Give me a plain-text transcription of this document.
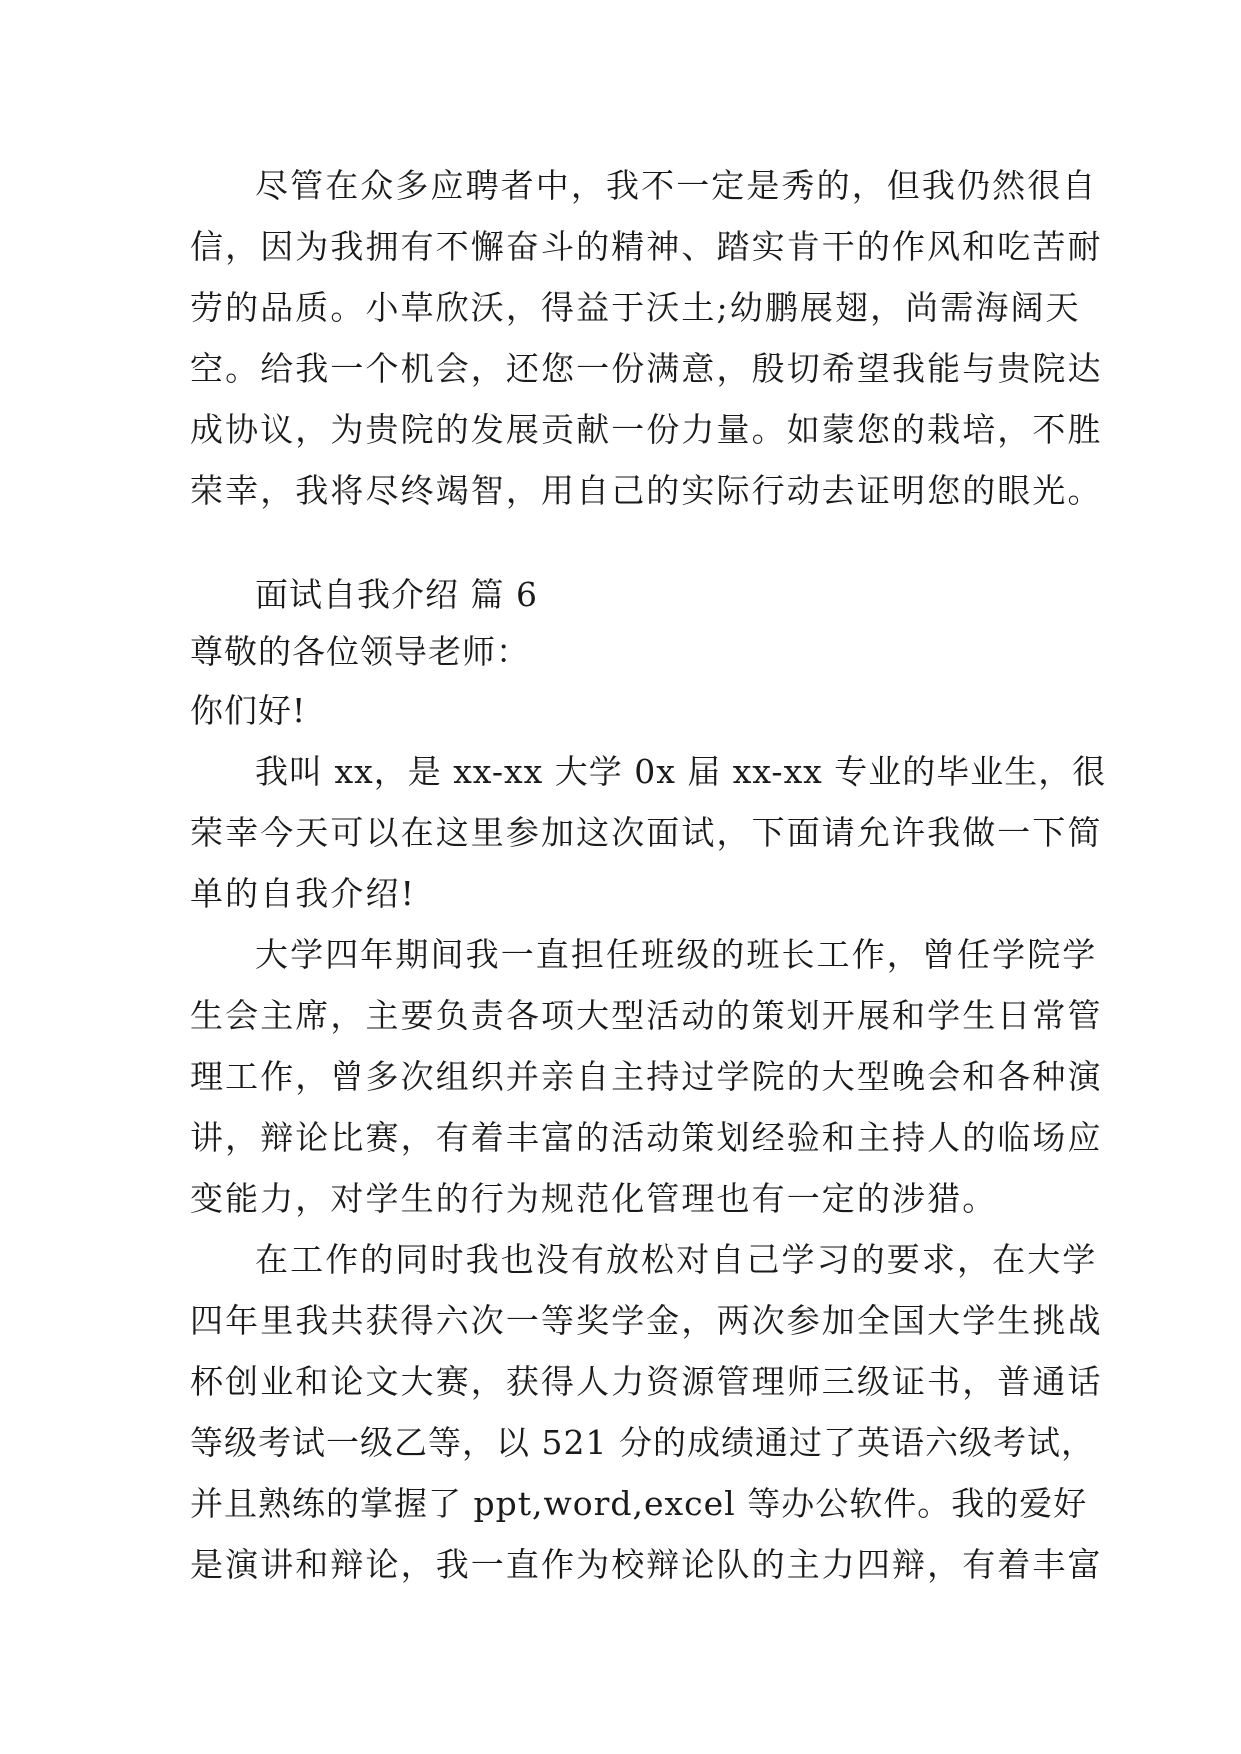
尽管在众多应聘者中，我不一定是秀的，但我仍然很自
信，因为我拥有不懈奋斗的精神、踏实肯干的作风和吃苦耐
劳的品质。小草欣沃，得益于沃土;幼鹏展翅，尚需海阔天
空。给我一个机会，还您一份满意，殷切希望我能与贵院达
成协议，为贵院的发展贡献一份力量。如蒙您的栽培，不胜
荣幸，我将尽终竭智，用自己的实际行动去证明您的眼光。
面试自我介绍 篇 6
尊敬的各位领导老师：
你们好!
我叫 xx，是 xx-xx 大学 0x 届 xx-xx 专业的毕业生，很
荣幸今天可以在这里参加这次面试，下面请允许我做一下简
单的自我介绍!
大学四年期间我一直担任班级的班长工作，曾任学院学
生会主席，主要负责各项大型活动的策划开展和学生日常管
理工作，曾多次组织并亲自主持过学院的大型晚会和各种演
讲，辩论比赛，有着丰富的活动策划经验和主持人的临场应
变能力，对学生的行为规范化管理也有一定的涉猎。
在工作的同时我也没有放松对自己学习的要求，在大学
四年里我共获得六次一等奖学金，两次参加全国大学生挑战
杯创业和论文大赛，获得人力资源管理师三级证书，普通话
等级考试一级乙等，以 521 分的成绩通过了英语六级考试，
并且熟练的掌握了 ppt,word,excel 等办公软件。我的爱好
是演讲和辩论，我一直作为校辩论队的主力四辩，有着丰富
